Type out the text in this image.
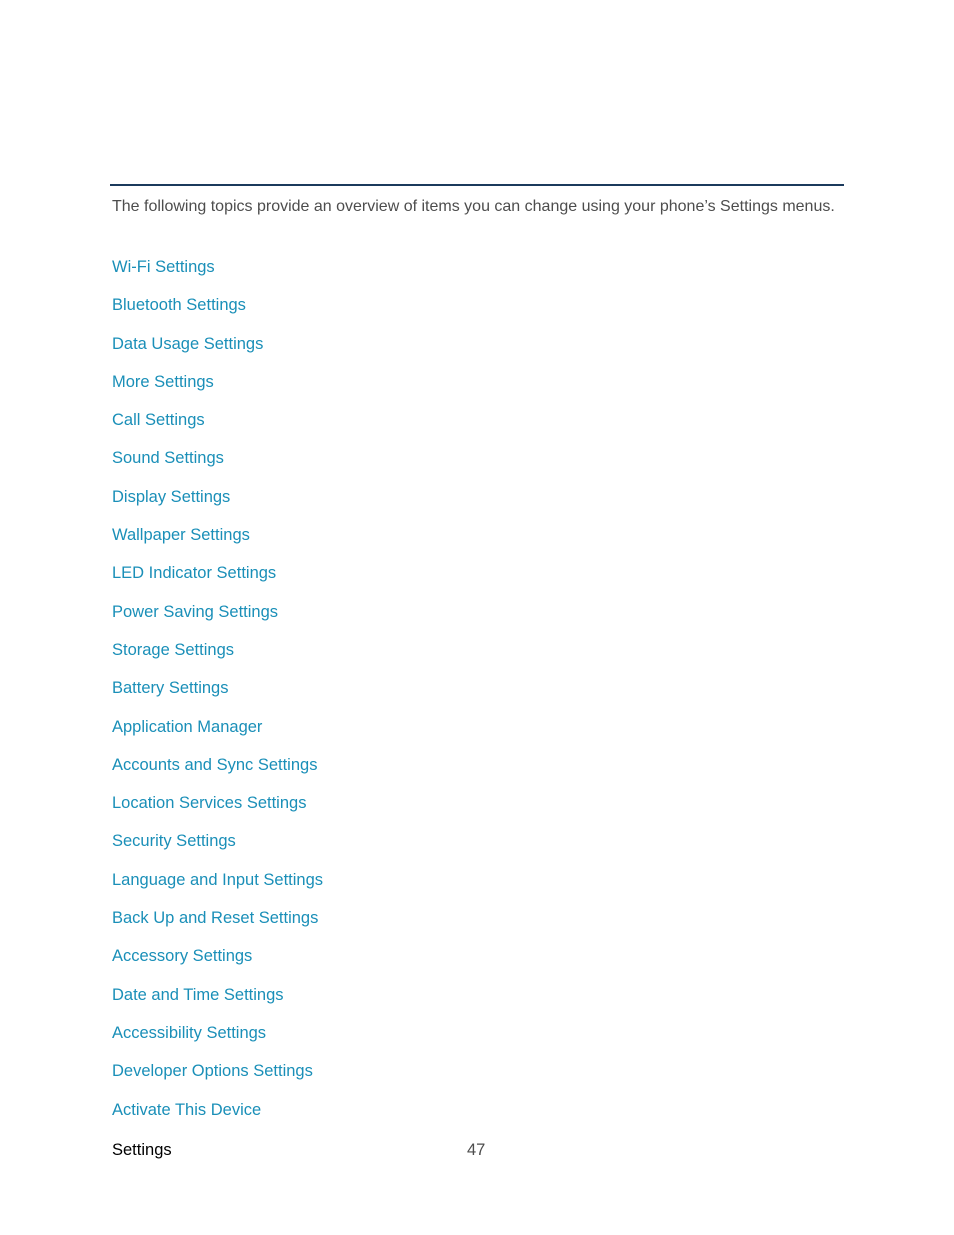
The following topics provide an overview of items you can change using your phone’s Settings menus.

Wi-Fi Settings
Bluetooth Settings
Data Usage Settings
More Settings
Call Settings
Sound Settings
Display Settings
Wallpaper Settings
LED Indicator Settings
Power Saving Settings
Storage Settings
Battery Settings
Application Manager
Accounts and Sync Settings
Location Services Settings
Security Settings
Language and Input Settings
Back Up and Reset Settings
Accessory Settings
Date and Time Settings
Accessibility Settings
Developer Options Settings
Activate This Device
Settings	47
